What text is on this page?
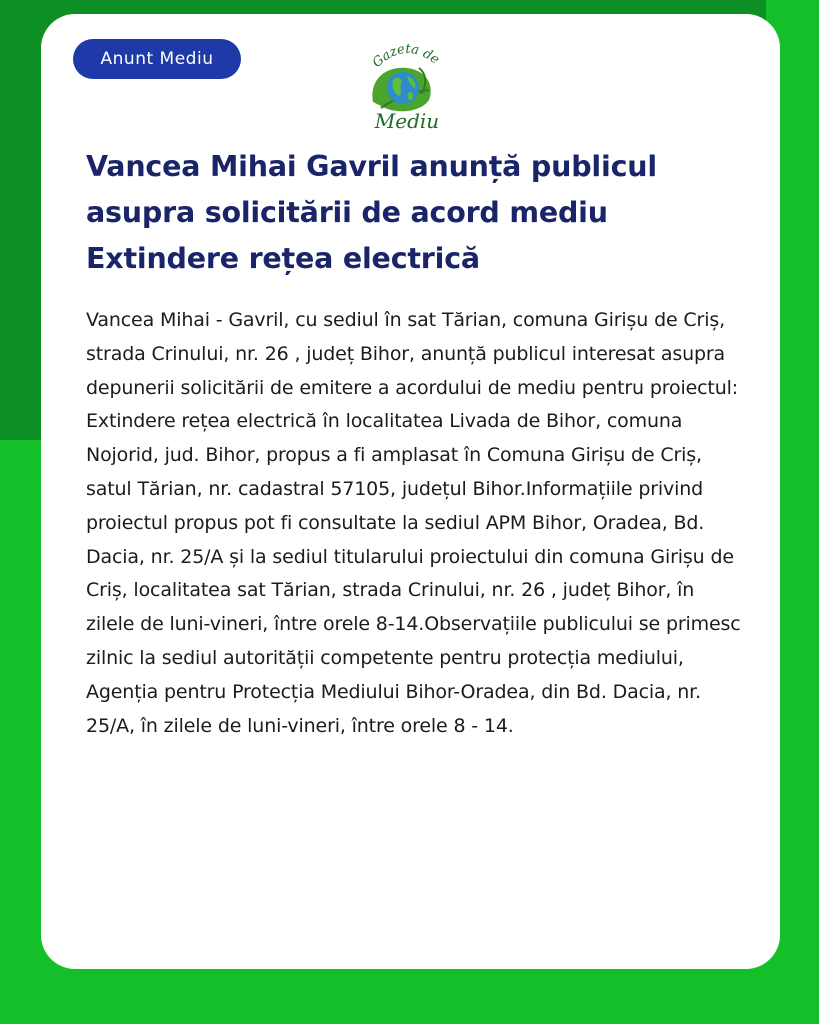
Anunt Mediu	Gazeta de
Mediu
Vancea Mihai Gavril anunță publicul asupra solicitării de acord mediu Extindere rețea electrică

Vancea Mihai - Gavril, cu sediul în sat Tărian, comuna Girișu de Criș, strada Crinului, nr. 26 , județ Bihor, anunță publicul interesat asupra depunerii solicitării de emitere a acordului de mediu pentru proiectul: Extindere rețea electrică în localitatea Livada de Bihor, comuna Nojorid, jud. Bihor, propus a fi amplasat în Comuna Girișu de Criș, satul Tărian, nr. cadastral 57105, județul Bihor.Informațiile privind proiectul propus pot fi consultate la sediul APM Bihor, Oradea, Bd. Dacia, nr. 25/A și la sediul titularului proiectului din comuna Girișu de Criș, localitatea sat Tărian, strada Crinului, nr. 26 , județ Bihor, în zilele de luni-vineri, între orele 8-14.Observațiile publicului se primesc zilnic la sediul autorității competente pentru protecția mediului, Agenția pentru Protecția Mediului Bihor-Oradea, din Bd. Dacia, nr. 25/A, în zilele de luni-vineri, între orele 8 - 14.
